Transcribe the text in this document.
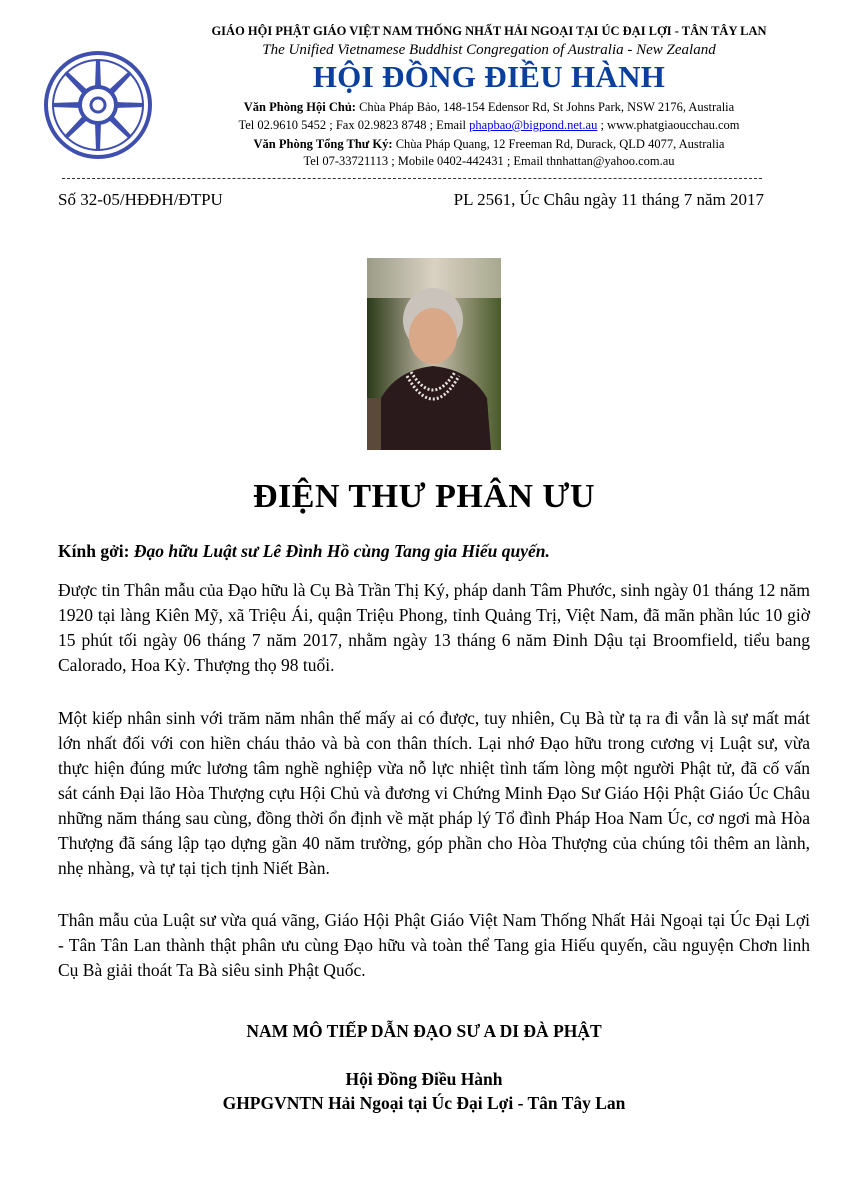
GIÁO HỘI PHẬT GIÁO VIỆT NAM THỐNG NHẤT HẢI NGOẠI TẠI ÚC ĐẠI LỢI - TÂN TÂY LAN
The Unified Vietnamese Buddhist Congregation of Australia - New Zealand
HỘI ĐỒNG ĐIỀU HÀNH
Văn Phòng Hội Chủ: Chùa Pháp Bảo, 148-154 Edensor Rd, St Johns Park, NSW 2176, Australia
Tel 02.9610 5452 ; Fax 02.9823 8748 ; Email phapbao@bigpond.net.au ; www.phatgiaoucchau.com
Văn Phòng Tổng Thư Ký: Chùa Pháp Quang, 12 Freeman Rd, Durack, QLD 4077, Australia
Tel 07-33721113 ; Mobile 0402-442431 ; Email thnhattan@yahoo.com.au
Số 32-05/HĐĐH/ĐTPU	PL 2561, Úc Châu ngày 11 tháng 7 năm 2017
ĐIỆN THƯ PHÂN ƯU
Kính gởi: Đạo hữu Luật sư Lê Đình Hồ cùng Tang gia Hiếu quyến.
Được tin Thân mẫu của Đạo hữu là Cụ Bà Trần Thị Ký, pháp danh Tâm Phước, sinh ngày 01 tháng 12 năm 1920 tại làng Kiên Mỹ, xã Triệu Ái, quận Triệu Phong, tỉnh Quảng Trị, Việt Nam, đã mãn phần lúc 10 giờ 15 phút tối ngày 06 tháng 7 năm 2017, nhằm ngày 13 tháng 6 năm Đinh Dậu tại Broomfield, tiểu bang Calorado, Hoa Kỳ. Thượng thọ 98 tuổi.
Một kiếp nhân sinh với trăm năm nhân thế mấy ai có được, tuy nhiên, Cụ Bà từ tạ ra đi vẫn là sự mất mát lớn nhất đối với con hiền cháu thảo và bà con thân thích. Lại nhớ Đạo hữu trong cương vị Luật sư, vừa thực hiện đúng mức lương tâm nghề nghiệp vừa nỗ lực nhiệt tình tấm lòng một người Phật tử, đã cố vấn sát cánh Đại lão Hòa Thượng cựu Hội Chủ và đương vi Chứng Minh Đạo Sư Giáo Hội Phật Giáo Úc Châu những năm tháng sau cùng, đồng thời ổn định về mặt pháp lý Tổ đình Pháp Hoa Nam Úc, cơ ngơi mà Hòa Thượng đã sáng lập tạo dựng gần 40 năm trường, góp phần cho Hòa Thượng của chúng tôi thêm an lành, nhẹ nhàng, và tự tại tịch tịnh Niết Bàn.
Thân mẫu của Luật sư vừa quá vãng, Giáo Hội Phật Giáo Việt Nam Thống Nhất Hải Ngoại tại Úc Đại Lợi - Tân Tân Lan thành thật phân ưu cùng Đạo hữu và toàn thể Tang gia Hiếu quyến, cầu nguyện Chơn linh Cụ Bà giải thoát Ta Bà siêu sinh Phật Quốc.
NAM MÔ TIẾP DẪN ĐẠO SƯ A DI ĐÀ PHẬT
Hội Đồng Điều Hành
GHPGVNTN Hải Ngoại tại Úc Đại Lợi - Tân Tây Lan
